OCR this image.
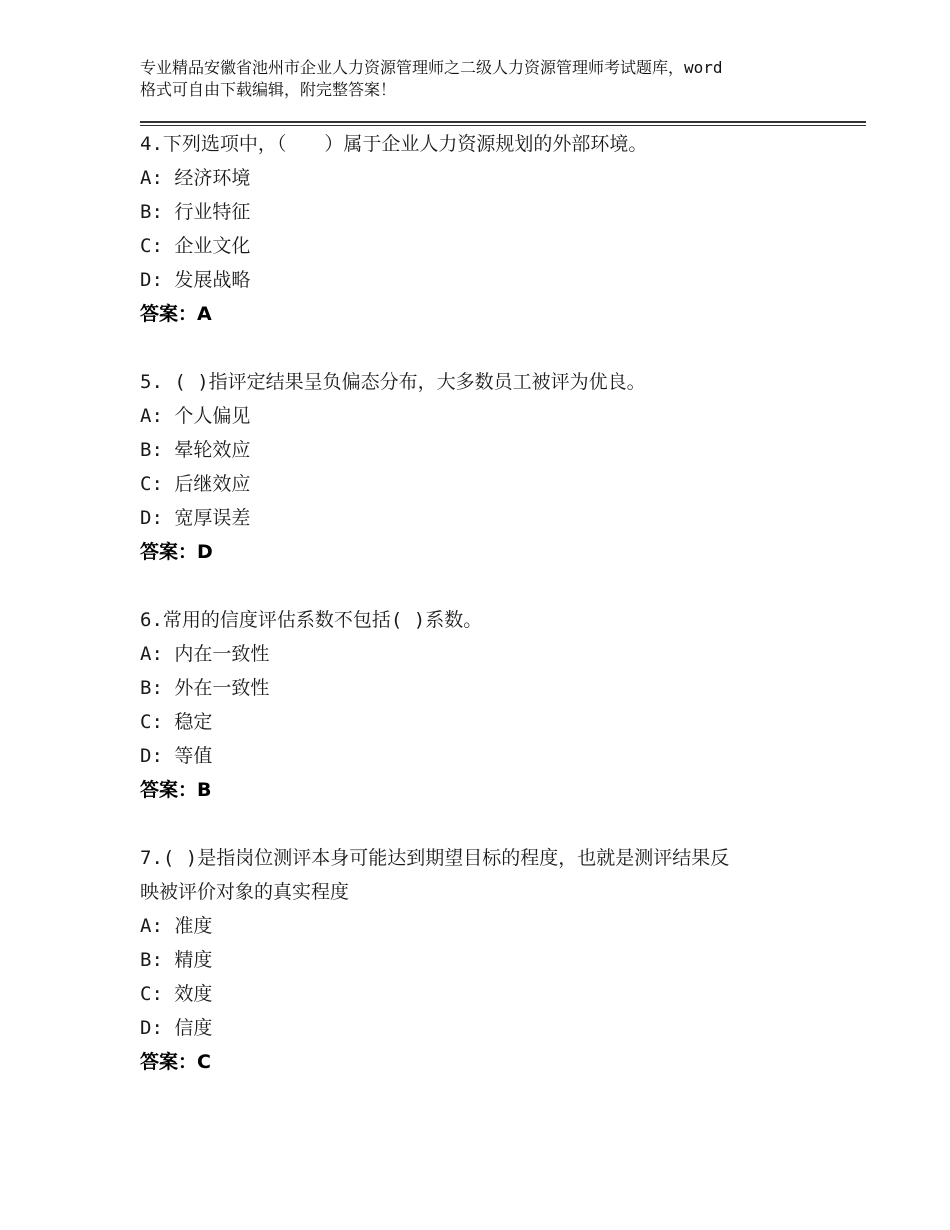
专业精品安徽省池州市企业人力资源管理师之二级人力资源管理师考试题库，word
格式可自由下载编辑，附完整答案！
4.下列选项中，（　　）属于企业人力资源规划的外部环境。
A: 经济环境
B: 行业特征
C: 企业文化
D: 发展战略
答案：A
5. ( )指评定结果呈负偏态分布，大多数员工被评为优良。
A: 个人偏见
B: 晕轮效应
C: 后继效应
D: 宽厚误差
答案：D
6.常用的信度评估系数不包括( )系数。
A: 内在一致性
B: 外在一致性
C: 稳定
D: 等值
答案：B
7.( )是指岗位测评本身可能达到期望目标的程度，也就是测评结果反
映被评价对象的真实程度
A: 准度
B: 精度
C: 效度
D: 信度
答案：C
